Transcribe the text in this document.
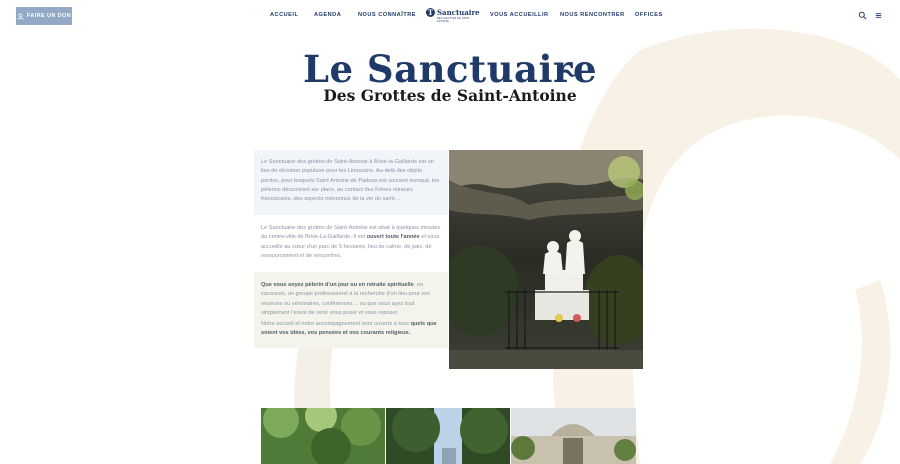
FAIRE UN DON	ACCUEIL	AGENDA	NOUS CONNAÎTRE T Sanctuaire
DES GROTTES DE SAINT-ANTOINE
VOUS ACCUEILLIR NOUS RENCONTRER OFFICES
Le Sanctuaire
Des Grottes de Saint-Antoine

Le Sanctuaire des grottes de Saint-Antoine à Brive-la-Gaillarde est un lieu de dévotion populaire pour les Limousins. Au-delà des objets perdus, pour lesquels Saint Antoine de Padoue est souvent invoqué, les pèlerins découvrent sur place, au contact des Frères mineurs franciscains, des aspects méconnus de la vie du saint…

Le Sanctuaire des grottes de Saint-Antoine est situé à quelques minutes du centre-ville de Brive-La-Gaillarde. Il est ouvert toute l'année et vous accueille au cœur d'un parc de 5 hectares, lieu de calme, de paix, de ressourcement et de rencontres.

Que vous soyez pèlerin d'un jour ou en retraite spirituelle, en vacances, un groupe professionnel à la recherche d'un lieu pour vos réunions ou séminaires, conférences… ou que vous ayez tout simplement l'envie de venir vous poser et vous reposer.

Notre accueil et notre accompagnement sont ouverts à tous quels que soient vos idées, vos pensées et vos courants religieux.
